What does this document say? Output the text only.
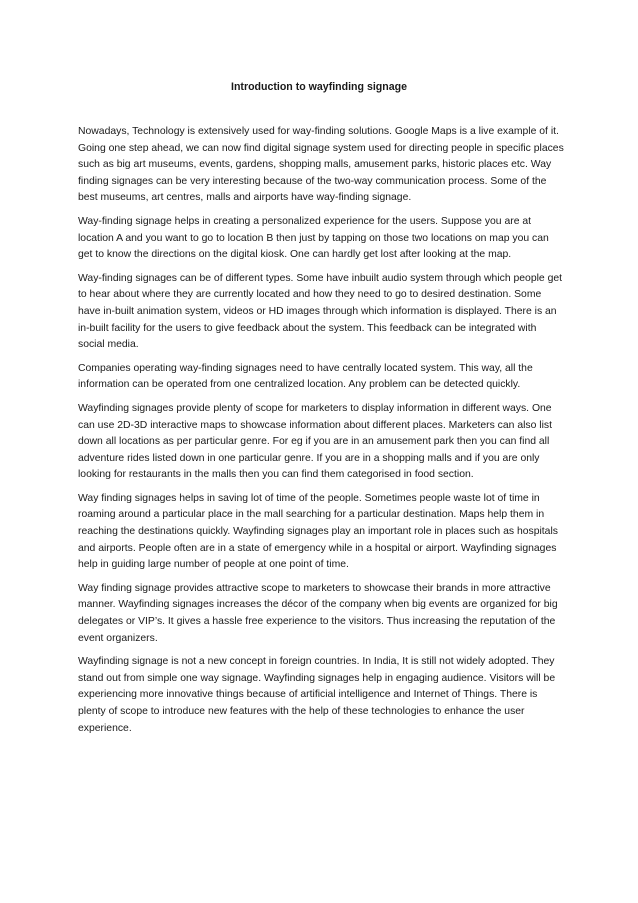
Introduction to wayfinding signage

Nowadays, Technology is extensively used for way-finding solutions. Google Maps is a live example of it. Going one step ahead, we can now find digital signage system used for directing people in specific places such as big art museums, events, gardens, shopping malls, amusement parks, historic places etc. Way finding signages can be very interesting because of the two-way communication process. Some of the best museums, art centres, malls and airports have way-finding signage.

Way-finding signage helps in creating a personalized experience for the users. Suppose you are at location A and you want to go to location B then just by tapping on those two locations on map you can get to know the directions on the digital kiosk. One can hardly get lost after looking at the map.

Way-finding signages can be of different types. Some have inbuilt audio system through which people get to hear about where they are currently located and how they need to go to desired destination. Some have in-built animation system, videos or HD images through which information is displayed. There is an in-built facility for the users to give feedback about the system. This feedback can be integrated with social media.

Companies operating way-finding signages need to have centrally located system. This way, all the information can be operated from one centralized location. Any problem can be detected quickly.

Wayfinding signages provide plenty of scope for marketers to display information in different ways. One can use 2D-3D interactive maps to showcase information about different places. Marketers can also list down all locations as per particular genre. For eg if you are in an amusement park then you can find all adventure rides listed down in one particular genre. If you are in a shopping malls and if you are only looking for restaurants in the malls then you can find them categorised in food section.

Way finding signages helps in saving lot of time of the people. Sometimes people waste lot of time in roaming around a particular place in the mall searching for a particular destination. Maps help them in reaching the destinations quickly. Wayfinding signages play an important role in places such as hospitals and airports. People often are in a state of emergency while in a hospital or airport. Wayfinding signages help in guiding large number of people at one point of time.

Way finding signage provides attractive scope to marketers to showcase their brands in more attractive manner. Wayfinding signages increases the décor of the company when big events are organized for big delegates or VIP’s. It gives a hassle free experience to the visitors. Thus increasing the reputation of the event organizers.

Wayfinding signage is not a new concept in foreign countries. In India, It is still not widely adopted. They stand out from simple one way signage. Wayfinding signages help in engaging audience. Visitors will be experiencing more innovative things because of artificial intelligence and Internet of Things. There is plenty of scope to introduce new features with the help of these technologies to enhance the user experience.
